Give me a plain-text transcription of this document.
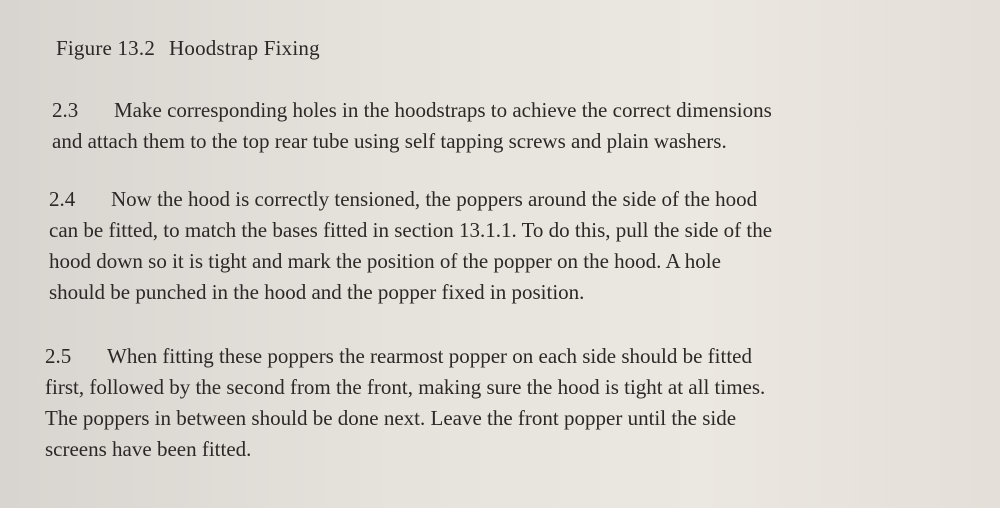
Figure 13.2 Hoodstrap Fixing
2.3 Make corresponding holes in the hoodstraps to achieve the correct dimensions
and attach them to the top rear tube using self tapping screws and plain washers.
2.4 Now the hood is correctly tensioned, the poppers around the side of the hood
can be fitted, to match the bases fitted in section 13.1.1. To do this, pull the side of the
hood down so it is tight and mark the position of the popper on the hood. A hole
should be punched in the hood and the popper fixed in position.
2.5 When fitting these poppers the rearmost popper on each side should be fitted
first, followed by the second from the front, making sure the hood is tight at all times.
The poppers in between should be done next. Leave the front popper until the side
screens have been fitted.
